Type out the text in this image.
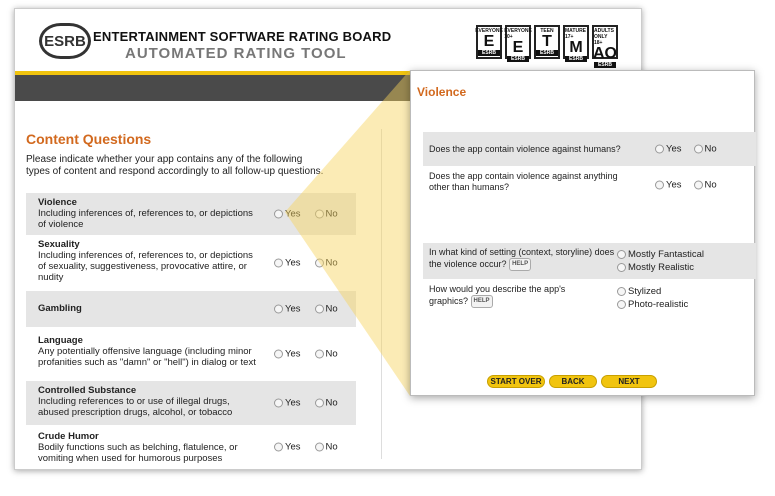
ESRB ENTERTAINMENT SOFTWARE RATING BOARD
AUTOMATED RATING TOOL
EVERYONE
E
ESRB
EVERYONE 10+
E
ESRB
TEEN
T
ESRB
MATURE 17+
M
ESRB
ADULTS ONLY 18+
AO
ESRB
Content Questions
Please indicate whether your app contains any of the following types of content and respond accordingly to all follow-up questions.
Violence
Including inferences of, references to, or depictions of violence
Yes	No
Sexuality
Including inferences of, references to, or depictions of sexuality, suggestiveness, provocative attire, or nudity
Yes	No
Gambling	Yes	No
Language
Any potentially offensive language (including minor profanities such as "damn" or "hell") in dialog or text
Yes	No
Controlled Substance
Including references to or use of illegal drugs, abused prescription drugs, alcohol, or tobacco
Yes	No
Crude Humor
Bodily functions such as belching, flatulence, or vomiting when used for humorous purposes
Yes	No
Violence
Does the app contain violence against humans?	Yes No
Does the app contain violence against anything other than humans?	Yes No
In what kind of setting (context, storyline) does the violence occur? HELP
Mostly Fantastical
Mostly Realistic
How would you describe the app's graphics? HELP
Stylized
Photo-realistic
START OVER	BACK	NEXT
